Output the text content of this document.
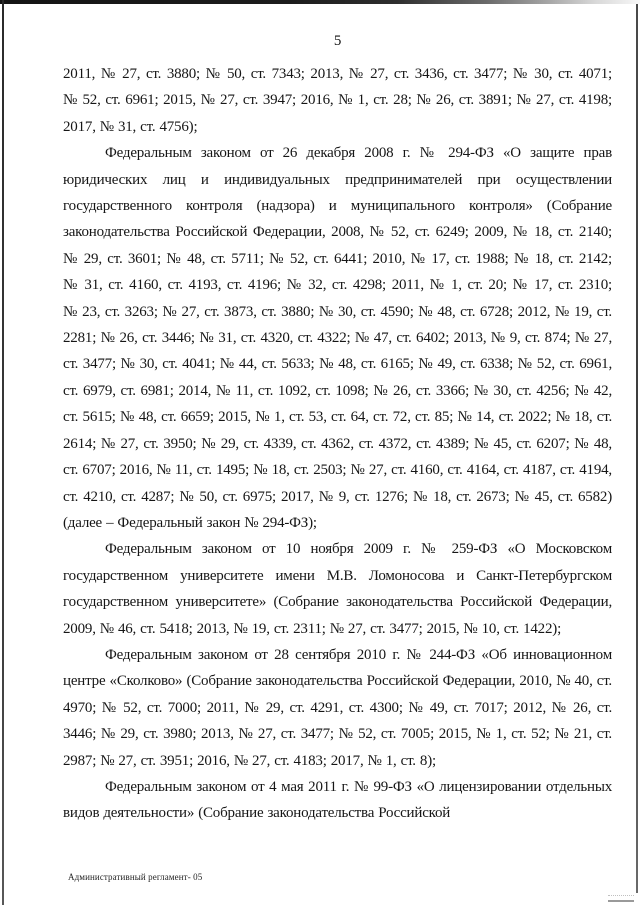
5

2011, № 27, ст. 3880; № 50, ст. 7343; 2013, № 27, ст. 3436, ст. 3477; № 30, ст. 4071; № 52, ст. 6961; 2015, № 27, ст. 3947; 2016, № 1, ст. 28; № 26, ст. 3891; № 27, ст. 4198; 2017, № 31, ст. 4756);

Федеральным законом от 26 декабря 2008 г. № 294-ФЗ «О защите прав юридических лиц и индивидуальных предпринимателей при осуществлении государственного контроля (надзора) и муниципального контроля» (Собрание законодательства Российской Федерации, 2008, № 52, ст. 6249; 2009, № 18, ст. 2140; № 29, ст. 3601; № 48, ст. 5711; № 52, ст. 6441; 2010, № 17, ст. 1988; № 18, ст. 2142; № 31, ст. 4160, ст. 4193, ст. 4196; № 32, ст. 4298; 2011, № 1, ст. 20; № 17, ст. 2310; № 23, ст. 3263; № 27, ст. 3873, ст. 3880; № 30, ст. 4590; № 48, ст. 6728; 2012, № 19, ст. 2281; № 26, ст. 3446; № 31, ст. 4320, ст. 4322; № 47, ст. 6402; 2013, № 9, ст. 874; № 27, ст. 3477; № 30, ст. 4041; № 44, ст. 5633; № 48, ст. 6165; № 49, ст. 6338; № 52, ст. 6961, ст. 6979, ст. 6981; 2014, № 11, ст. 1092, ст. 1098; № 26, ст. 3366; № 30, ст. 4256; № 42, ст. 5615; № 48, ст. 6659; 2015, № 1, ст. 53, ст. 64, ст. 72, ст. 85; № 14, ст. 2022; № 18, ст. 2614; № 27, ст. 3950; № 29, ст. 4339, ст. 4362, ст. 4372, ст. 4389; № 45, ст. 6207; № 48, ст. 6707; 2016, № 11, ст. 1495; № 18, ст. 2503; № 27, ст. 4160, ст. 4164, ст. 4187, ст. 4194, ст. 4210, ст. 4287; № 50, ст. 6975; 2017, № 9, ст. 1276; № 18, ст. 2673; № 45, ст. 6582) (далее – Федеральный закон № 294-ФЗ);

Федеральным законом от 10 ноября 2009 г. № 259-ФЗ «О Московском государственном университете имени М.В. Ломоносова и Санкт-Петербургском государственном университете» (Собрание законодательства Российской Федерации, 2009, № 46, ст. 5418; 2013, № 19, ст. 2311; № 27, ст. 3477; 2015, № 10, ст. 1422);

Федеральным законом от 28 сентября 2010 г. № 244-ФЗ «Об инновационном центре «Сколково» (Собрание законодательства Российской Федерации, 2010, № 40, ст. 4970; № 52, ст. 7000; 2011, № 29, ст. 4291, ст. 4300; № 49, ст. 7017; 2012, № 26, ст. 3446; № 29, ст. 3980; 2013, № 27, ст. 3477; № 52, ст. 7005; 2015, № 1, ст. 52; № 21, ст. 2987; № 27, ст. 3951; 2016, № 27, ст. 4183; 2017, № 1, ст. 8);

Федеральным законом от 4 мая 2011 г. № 99-ФЗ «О лицензировании отдельных видов деятельности» (Собрание законодательства Российской

Административный регламент- 05
